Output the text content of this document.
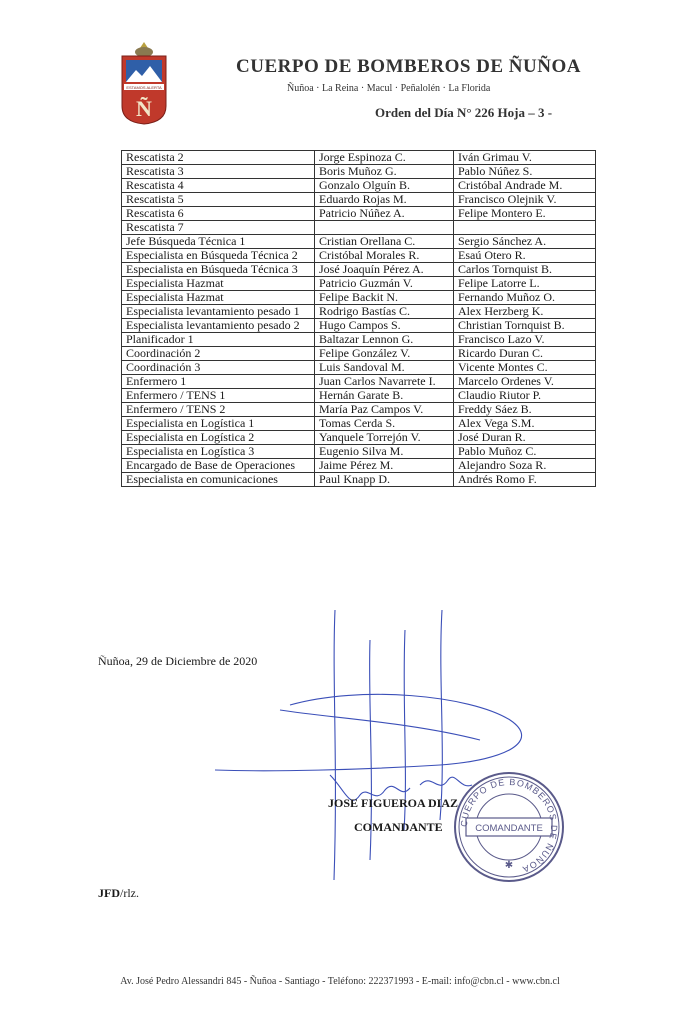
ESTAMOS ALERTA
Ñ
CUERPO DE BOMBEROS DE ÑUÑOA
Ñuñoa · La Reina · Macul · Peñalolén · La Florida
Orden del Día N° 226 Hoja – 3 -
Rescatista 2	Jorge Espinoza C.	Iván Grimau V.
Rescatista 3	Boris Muñoz G.	Pablo Núñez S.
Rescatista 4	Gonzalo Olguín B.	Cristóbal Andrade M.
Rescatista 5	Eduardo Rojas M.	Francisco Olejnik V.
Rescatista 6	Patricio Núñez A.	Felipe Montero E.
Rescatista 7		
Jefe Búsqueda Técnica 1	Cristian Orellana C.	Sergio Sánchez A.
Especialista en Búsqueda Técnica 2	Cristóbal Morales R.	Esaú Otero R.
Especialista en Búsqueda Técnica 3	José Joaquín Pérez A.	Carlos Tornquist B.
Especialista Hazmat	Patricio Guzmán V.	Felipe Latorre L.
Especialista Hazmat	Felipe Backit N.	Fernando Muñoz O.
Especialista levantamiento pesado 1	Rodrigo Bastías C.	Alex Herzberg K.
Especialista levantamiento pesado 2	Hugo Campos S.	Christian Tornquist B.
Planificador 1	Baltazar Lennon G.	Francisco Lazo V.
Coordinación 2	Felipe González V.	Ricardo Duran C.
Coordinación 3	Luis Sandoval M.	Vicente Montes C.
Enfermero 1	Juan Carlos Navarrete I.	Marcelo Ordenes V.
Enfermero / TENS 1	Hernán Garate B.	Claudio Riutor P.
Enfermero / TENS 2	María Paz Campos V.	Freddy Sáez B.
Especialista en Logística 1	Tomas Cerda S.	Alex Vega S.M.
Especialista en Logística 2	Yanquele Torrejón V.	José Duran R.
Especialista en Logística 3	Eugenio Silva M.	Pablo Muñoz C.
Encargado de Base de Operaciones	Jaime Pérez M.	Alejandro Soza R.
Especialista en comunicaciones	Paul Knapp D.	Andrés Romo F.
Ñuñoa, 29 de Diciembre de 2020
JOSE FIGUEROA DIAZ
COMANDANTE CUERPO DE BOMBEROS DE ÑUÑOA
COMANDANTE
✱
JFD/rlz.
Av. José Pedro Alessandri 845 - Ñuñoa - Santiago - Teléfono: 222371993 - E-mail: info@cbn.cl - www.cbn.cl
